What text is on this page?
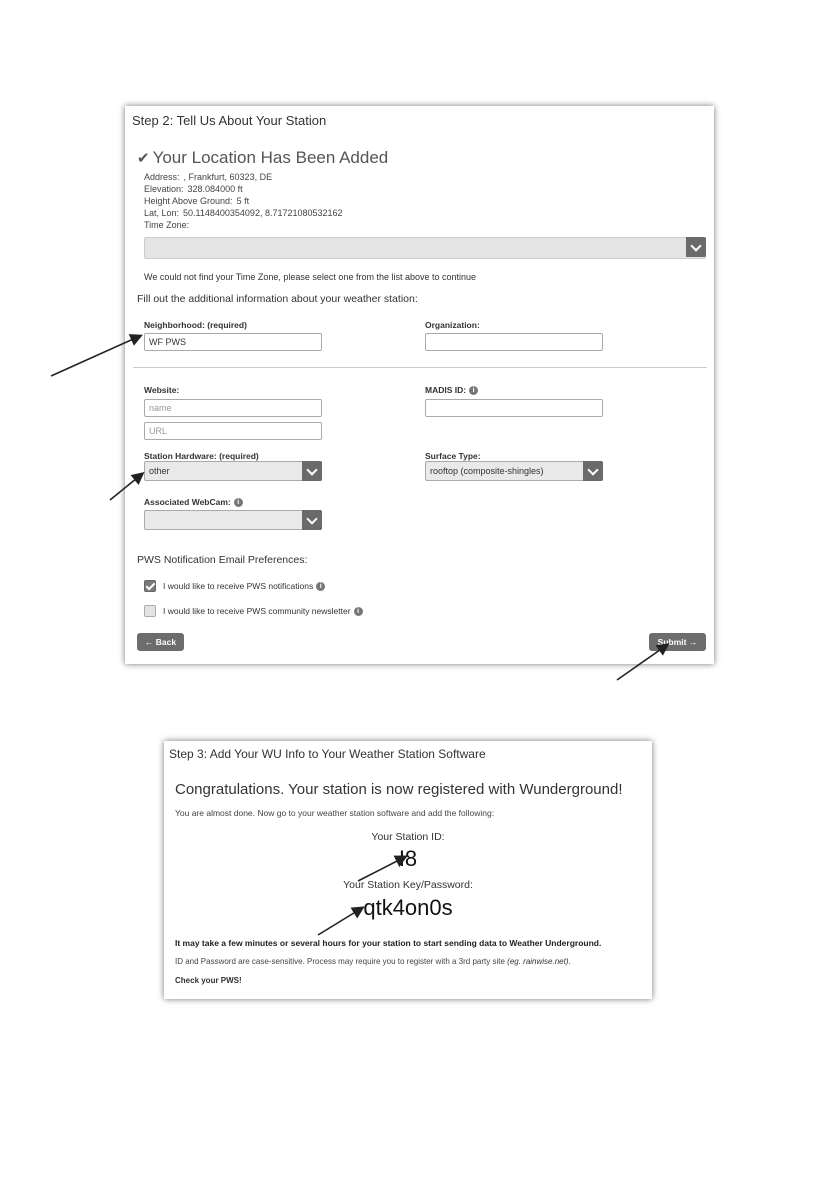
Step 2: Tell Us About Your Station
✔ Your Location Has Been Added
Address: , Frankfurt, 60323, DE
Elevation: 328.084000 ft
Height Above Ground: 5 ft
Lat, Lon: 50.1148400354092, 8.71721080532162
Time Zone:
We could not find your Time Zone, please select one from the list above to continue
Fill out the additional information about your weather station:
Neighborhood: (required)
WF PWS
Organization:
Website:
name
URL
MADIS ID: i
Station Hardware: (required)
other
Surface Type:
rooftop (composite-shingles)
Associated WebCam: i
PWS Notification Email Preferences:
I would like to receive PWS notifications i
I would like to receive PWS community newsletter i
← Back	Submit →
Step 3: Add Your WU Info to Your Weather Station Software
Congratulations. Your station is now registered with Wunderground!
You are almost done. Now go to your weather station software and add the following:
Your Station ID:
I8
Your Station Key/Password:
qtk4on0s
It may take a few minutes or several hours for your station to start sending data to Weather Underground.
ID and Password are case-sensitive. Process may require you to register with a 3rd party site (eg. rainwise.net).
Check your PWS!
